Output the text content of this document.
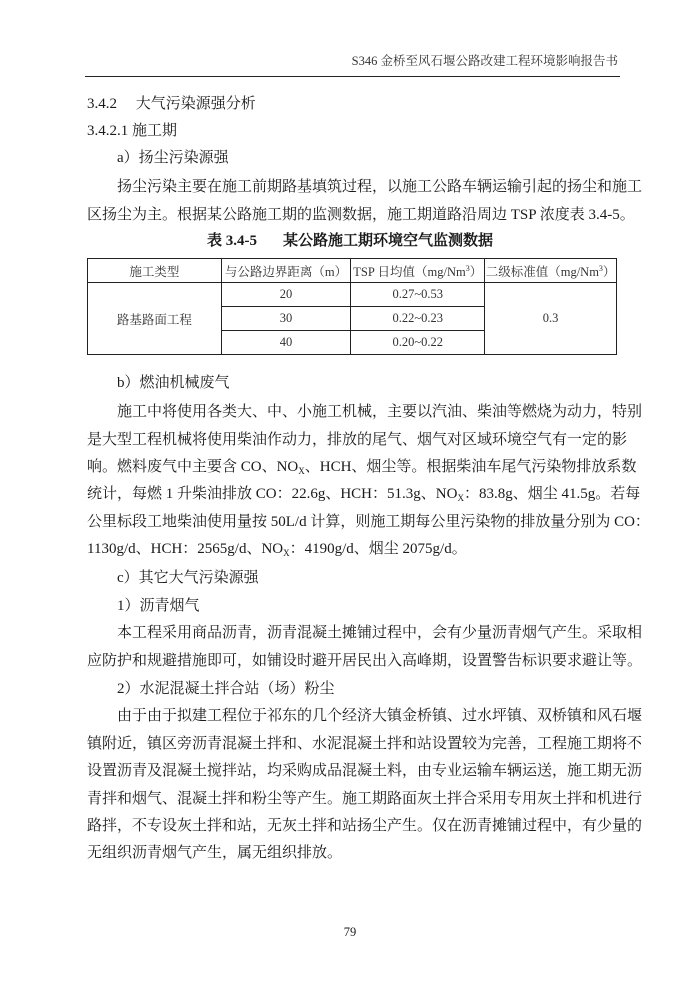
S346 金桥至风石堰公路改建工程环境影响报告书
3.4.2　 大气污染源强分析
3.4.2.1 施工期
a）扬尘污染源强
扬尘污染主要在施工前期路基填筑过程，以施工公路车辆运输引起的扬尘和施工
区扬尘为主。根据某公路施工期的监测数据，施工期道路沿周边 TSP 浓度表 3.4-5。
b）燃油机械废气
施工中将使用各类大、中、小施工机械，主要以汽油、柴油等燃烧为动力，特别
是大型工程机械将使用柴油作动力，排放的尾气、烟气对区域环境空气有一定的影
响。燃料废气中主要含 CO、$NO_X$、HCH、烟尘等。根据柴油车尾气污染物排放系数
统计，每燃 1 升柴油排放 CO：22.6g、HCH：51.3g、$NO_X$：83.8g、烟尘 41.5g。若每
公里标段工地柴油使用量按 50L/d 计算，则施工期每公里污染物的排放量分别为 CO：
1130g/d、HCH：2565g/d、$NO_X$：4190g/d、烟尘 2075g/d。
c）其它大气污染源强
1）沥青烟气
本工程采用商品沥青，沥青混凝土摊铺过程中，会有少量沥青烟气产生。采取相
应防护和规避措施即可，如铺设时避开居民出入高峰期，设置警告标识要求避让等。
2）水泥混凝土拌合站（场）粉尘
由于由于拟建工程位于祁东的几个经济大镇金桥镇、过水坪镇、双桥镇和风石堰
镇附近，镇区旁沥青混凝土拌和、水泥混凝土拌和站设置较为完善，工程施工期将不
设置沥青及混凝土搅拌站，均采购成品混凝土料，由专业运输车辆运送，施工期无沥
青拌和烟气、混凝土拌和粉尘等产生。施工期路面灰土拌合采用专用灰土拌和机进行
路拌，不专设灰土拌和站，无灰土拌和站扬尘产生。仅在沥青摊铺过程中，有少量的
无组织沥青烟气产生，属无组织排放。
表 3.4-5 某公路施工期环境空气监测数据
施工类型	与公路边界距离（m）	TSP 日均值（mg/Nm$^3$）	二级标准值（mg/Nm$^3$）
路基路面工程	20	0.27~0.53	0.3
	30	0.22~0.23	
	40	0.20~0.22	
79
